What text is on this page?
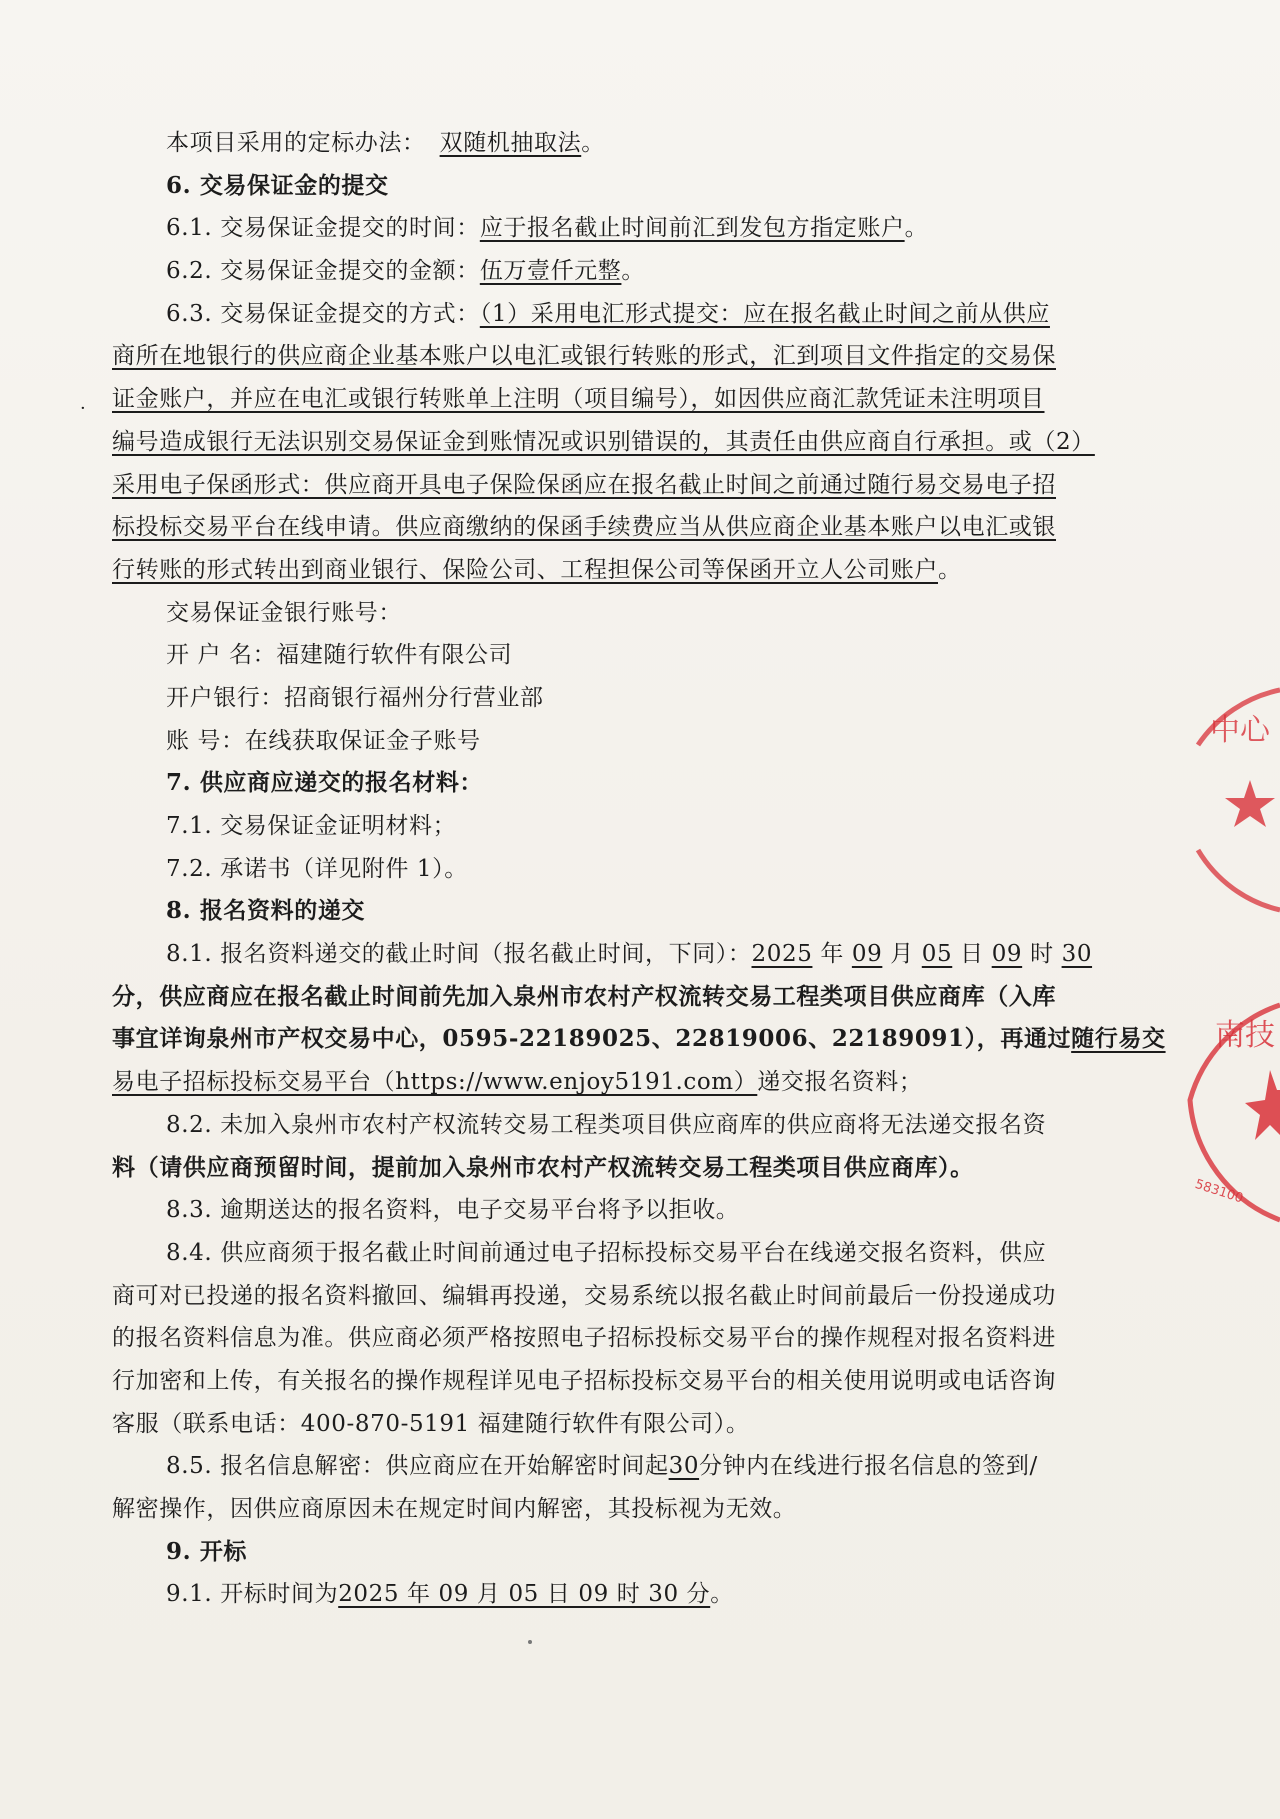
·
本项目采用的定标办法： 双随机抽取法。
6. 交易保证金的提交
6.1. 交易保证金提交的时间：应于报名截止时间前汇到发包方指定账户。
6.2. 交易保证金提交的金额：伍万壹仟元整。
6.3. 交易保证金提交的方式：（1）采用电汇形式提交：应在报名截止时间之前从供应
商所在地银行的供应商企业基本账户以电汇或银行转账的形式，汇到项目文件指定的交易保
证金账户，并应在电汇或银行转账单上注明（项目编号），如因供应商汇款凭证未注明项目
编号造成银行无法识别交易保证金到账情况或识别错误的，其责任由供应商自行承担。或（2）
采用电子保函形式：供应商开具电子保险保函应在报名截止时间之前通过随行易交易电子招
标投标交易平台在线申请。供应商缴纳的保函手续费应当从供应商企业基本账户以电汇或银
行转账的形式转出到商业银行、保险公司、工程担保公司等保函开立人公司账户。
交易保证金银行账号：
开 户 名：福建随行软件有限公司
开户银行：招商银行福州分行营业部
账 号：在线获取保证金子账号
7. 供应商应递交的报名材料：
7.1. 交易保证金证明材料；
7.2. 承诺书（详见附件 1）。
8. 报名资料的递交
8.1. 报名资料递交的截止时间（报名截止时间，下同）：2025 年 09 月 05 日 09 时 30
分，供应商应在报名截止时间前先加入泉州市农村产权流转交易工程类项目供应商库（入库
事宜详询泉州市产权交易中心，0595-22189025、22819006、22189091），再通过随行易交
易电子招标投标交易平台（https://www.enjoy5191.com）递交报名资料；
8.2. 未加入泉州市农村产权流转交易工程类项目供应商库的供应商将无法递交报名资
料（请供应商预留时间，提前加入泉州市农村产权流转交易工程类项目供应商库）。
8.3. 逾期送达的报名资料，电子交易平台将予以拒收。
8.4. 供应商须于报名截止时间前通过电子招标投标交易平台在线递交报名资料，供应
商可对已投递的报名资料撤回、编辑再投递，交易系统以报名截止时间前最后一份投递成功
的报名资料信息为准。供应商必须严格按照电子招标投标交易平台的操作规程对报名资料进
行加密和上传，有关报名的操作规程详见电子招标投标交易平台的相关使用说明或电话咨询
客服（联系电话：400-870-5191 福建随行软件有限公司）。
8.5. 报名信息解密：供应商应在开始解密时间起30分钟内在线进行报名信息的签到/
解密操作，因供应商原因未在规定时间内解密，其投标视为无效。
9. 开标
9.1. 开标时间为2025 年 09 月 05 日 09 时 30 分。
中心
南技
583100
